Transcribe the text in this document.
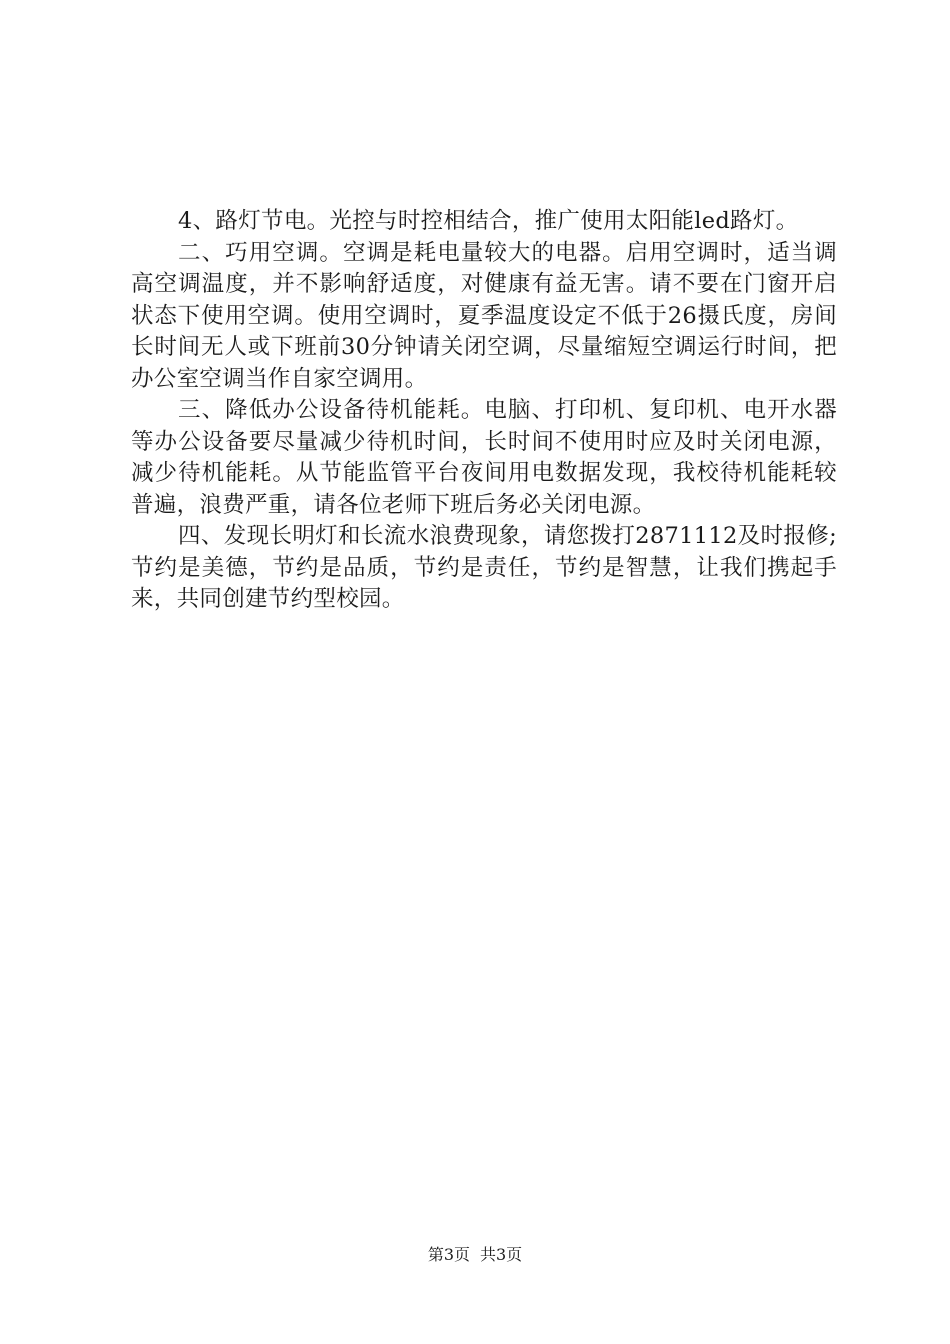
4、路灯节电。光控与时控相结合，推广使用太阳能led路灯。

二、巧用空调。空调是耗电量较大的电器。启用空调时，适当调高空调温度，并不影响舒适度，对健康有益无害。请不要在门窗开启状态下使用空调。使用空调时，夏季温度设定不低于26摄氏度，房间长时间无人或下班前30分钟请关闭空调，尽量缩短空调运行时间，把办公室空调当作自家空调用。

三、降低办公设备待机能耗。电脑、打印机、复印机、电开水器等办公设备要尽量减少待机时间，长时间不使用时应及时关闭电源，减少待机能耗。从节能监管平台夜间用电数据发现，我校待机能耗较普遍，浪费严重，请各位老师下班后务必关闭电源。

四、发现长明灯和长流水浪费现象，请您拨打2871112及时报修;节约是美德，节约是品质，节约是责任，节约是智慧，让我们携起手来，共同创建节约型校园。

第3页 共3页
